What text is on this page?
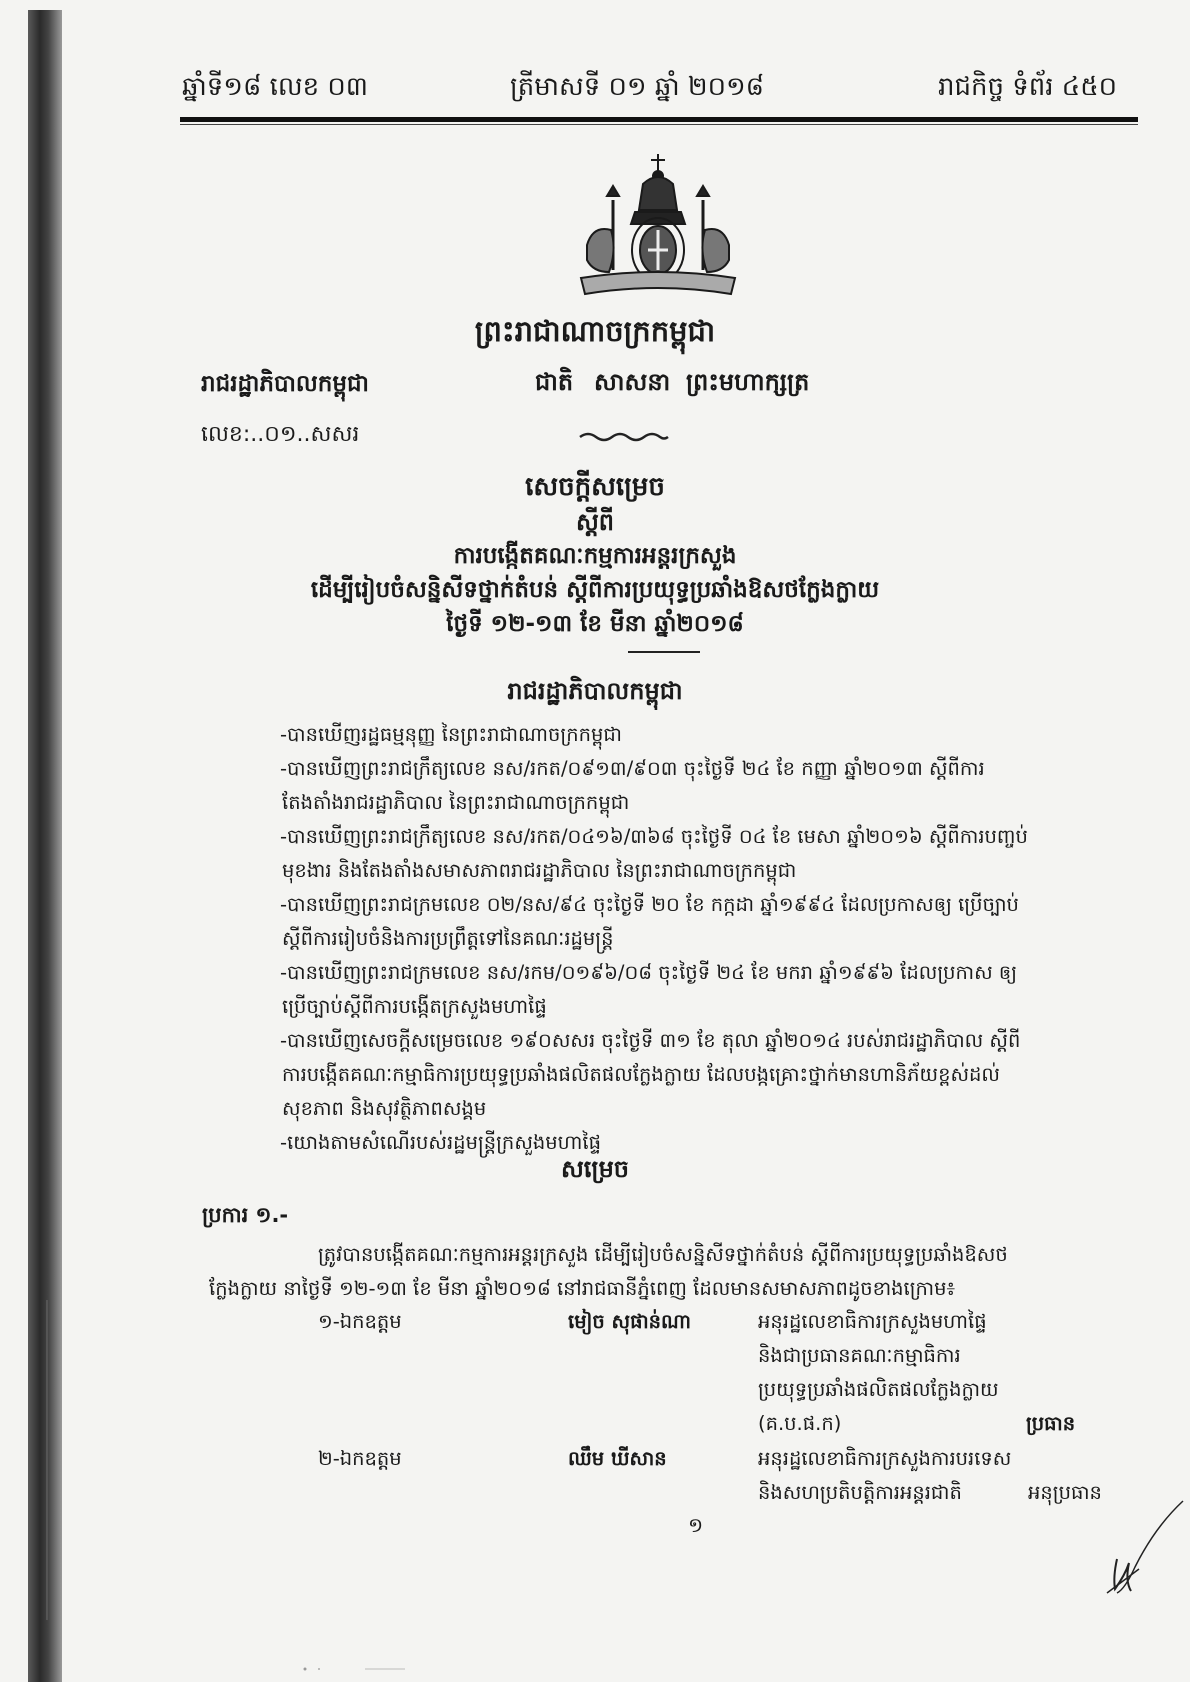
ឆ្នាំទី១៨ លេខ ០៣	ត្រីមាសទី ០១ ឆ្នាំ ២០១៨	រាជកិច្ច ទំព័រ ៤៥០
ព្រះរាជាណាចក្រកម្ពុជា
ជាតិ សាសនា ព្រះមហាក្សត្រ
រាជរដ្ឋាភិបាលកម្ពុជា
លេខ:..០១..សសរ
សេចក្តីសម្រេច
ស្តីពី
ការបង្កើតគណៈកម្មការអន្តរក្រសួង
ដើម្បីរៀបចំសន្និសីទថ្នាក់តំបន់ ស្តីពីការប្រយុទ្ធប្រឆាំងឱសថក្លែងក្លាយ
ថ្ងៃទី ១២-១៣ ខែ មីនា ឆ្នាំ២០១៨
រាជរដ្ឋាភិបាលកម្ពុជា
-បានឃើញរដ្ឋធម្មនុញ្ញ នៃព្រះរាជាណាចក្រកម្ពុជា
-បានឃើញព្រះរាជក្រឹត្យលេខ នស/រកត/០៩១៣/៩០៣ ចុះថ្ងៃទី ២៤ ខែ កញ្ញា ឆ្នាំ២០១៣ ស្តីពីការ
តែងតាំងរាជរដ្ឋាភិបាល នៃព្រះរាជាណាចក្រកម្ពុជា
-បានឃើញព្រះរាជក្រឹត្យលេខ នស/រកត/០៤១៦/៣៦៨ ចុះថ្ងៃទី ០៤ ខែ មេសា ឆ្នាំ២០១៦ ស្តីពីការបញ្ចប់
មុខងារ និងតែងតាំងសមាសភាពរាជរដ្ឋាភិបាល នៃព្រះរាជាណាចក្រកម្ពុជា
-បានឃើញព្រះរាជក្រមលេខ ០២/នស/៩៤ ចុះថ្ងៃទី ២០ ខែ កក្កដា ឆ្នាំ១៩៩៤ ដែលប្រកាសឲ្យ ប្រើច្បាប់
ស្តីពីការរៀបចំនិងការប្រព្រឹត្តទៅនៃគណៈរដ្ឋមន្ត្រី
-បានឃើញព្រះរាជក្រមលេខ នស/រកម/០១៩៦/០៨ ចុះថ្ងៃទី ២៤ ខែ មករា ឆ្នាំ១៩៩៦ ដែលប្រកាស ឲ្យ
ប្រើច្បាប់ស្តីពីការបង្កើតក្រសួងមហាផ្ទៃ
-បានឃើញសេចក្តីសម្រេចលេខ ១៩០សសរ ចុះថ្ងៃទី ៣១ ខែ តុលា ឆ្នាំ២០១៤ របស់រាជរដ្ឋាភិបាល ស្តីពី
ការបង្កើតគណៈកម្មាធិការប្រយុទ្ធប្រឆាំងផលិតផលក្លែងក្លាយ ដែលបង្កគ្រោះថ្នាក់មានហានិភ័យខ្ពស់ដល់
សុខភាព និងសុវត្ថិភាពសង្គម
-យោងតាមសំណើរបស់រដ្ឋមន្ត្រីក្រសួងមហាផ្ទៃ
សម្រេច
ប្រការ ១.-
ត្រូវបានបង្កើតគណៈកម្មការអន្តរក្រសួង ដើម្បីរៀបចំសន្និសីទថ្នាក់តំបន់ ស្តីពីការប្រយុទ្ធប្រឆាំងឱសថ
ក្លែងក្លាយ នាថ្ងៃទី ១២-១៣ ខែ មីនា ឆ្នាំ២០១៨ នៅរាជធានីភ្នំពេញ ដែលមានសមាសភាពដូចខាងក្រោម៖
១-ឯកឧត្តម	មៀច សុផាន់ណា	អនុរដ្ឋលេខាធិការក្រសួងមហាផ្ទៃ
និងជាប្រធានគណៈកម្មាធិការ
ប្រយុទ្ធប្រឆាំងផលិតផលក្លែងក្លាយ
(គ.ប.ផ.ក)	ប្រធាន
២-ឯកឧត្តម	ឈឹម ឃីសាន	អនុរដ្ឋលេខាធិការក្រសួងការបរទេស
និងសហប្រតិបត្តិការអន្តរជាតិ	អនុប្រធាន
១
